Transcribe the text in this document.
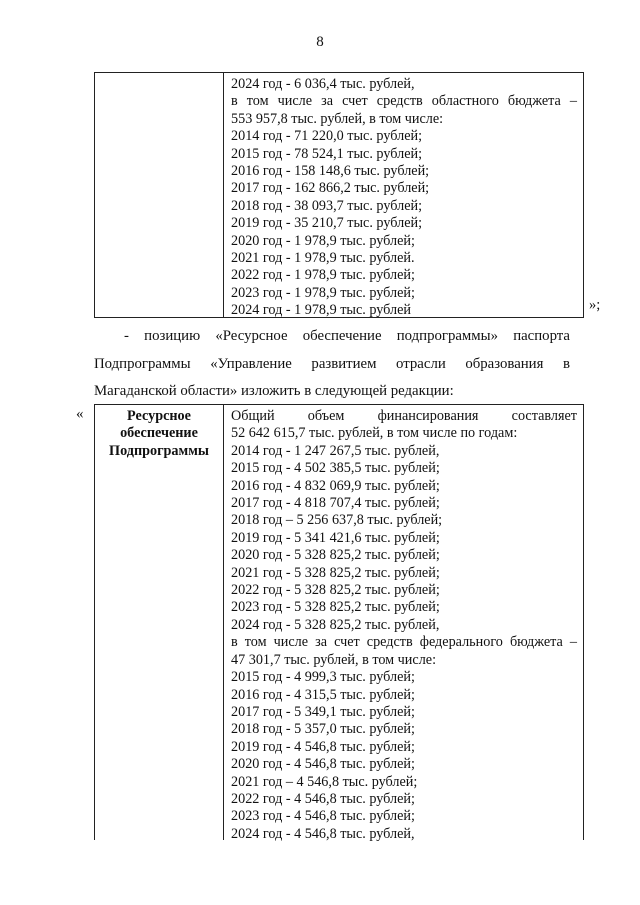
8
2024 год - 6 036,4 тыс. рублей,
в том числе за счет средств областного бюджета –
553 957,8 тыс. рублей, в том числе:
2014 год - 71 220,0 тыс. рублей;
2015 год - 78 524,1 тыс. рублей;
2016 год - 158 148,6 тыс. рублей;
2017 год - 162 866,2 тыс. рублей;
2018 год - 38 093,7 тыс. рублей;
2019 год - 35 210,7 тыс. рублей;
2020 год - 1 978,9 тыс. рублей;
2021 год - 1 978,9 тыс. рублей.
2022 год - 1 978,9 тыс. рублей;
2023 год - 1 978,9 тыс. рублей;
2024 год - 1 978,9 тыс. рублей	»;
- позицию «Ресурсное обеспечение подпрограммы» паспорта
Подпрограммы «Управление развитием отрасли образования в
Магаданской области» изложить в следующей редакции:
«	Ресурсное
обеспечение
Подпрограммы
Общий объем финансирования составляет
52 642 615,7 тыс. рублей, в том числе по годам:
2014 год - 1 247 267,5 тыс. рублей,
2015 год - 4 502 385,5 тыс. рублей;
2016 год - 4 832 069,9 тыс. рублей;
2017 год - 4 818 707,4 тыс. рублей;
2018 год – 5 256 637,8 тыс. рублей;
2019 год - 5 341 421,6 тыс. рублей;
2020 год - 5 328 825,2 тыс. рублей;
2021 год - 5 328 825,2 тыс. рублей;
2022 год - 5 328 825,2 тыс. рублей;
2023 год - 5 328 825,2 тыс. рублей;
2024 год - 5 328 825,2 тыс. рублей,
в том числе за счет средств федерального бюджета –
47 301,7 тыс. рублей, в том числе:
2015 год - 4 999,3 тыс. рублей;
2016 год - 4 315,5 тыс. рублей;
2017 год - 5 349,1 тыс. рублей;
2018 год - 5 357,0 тыс. рублей;
2019 год - 4 546,8 тыс. рублей;
2020 год - 4 546,8 тыс. рублей;
2021 год – 4 546,8 тыс. рублей;
2022 год - 4 546,8 тыс. рублей;
2023 год - 4 546,8 тыс. рублей;
2024 год - 4 546,8 тыс. рублей,
